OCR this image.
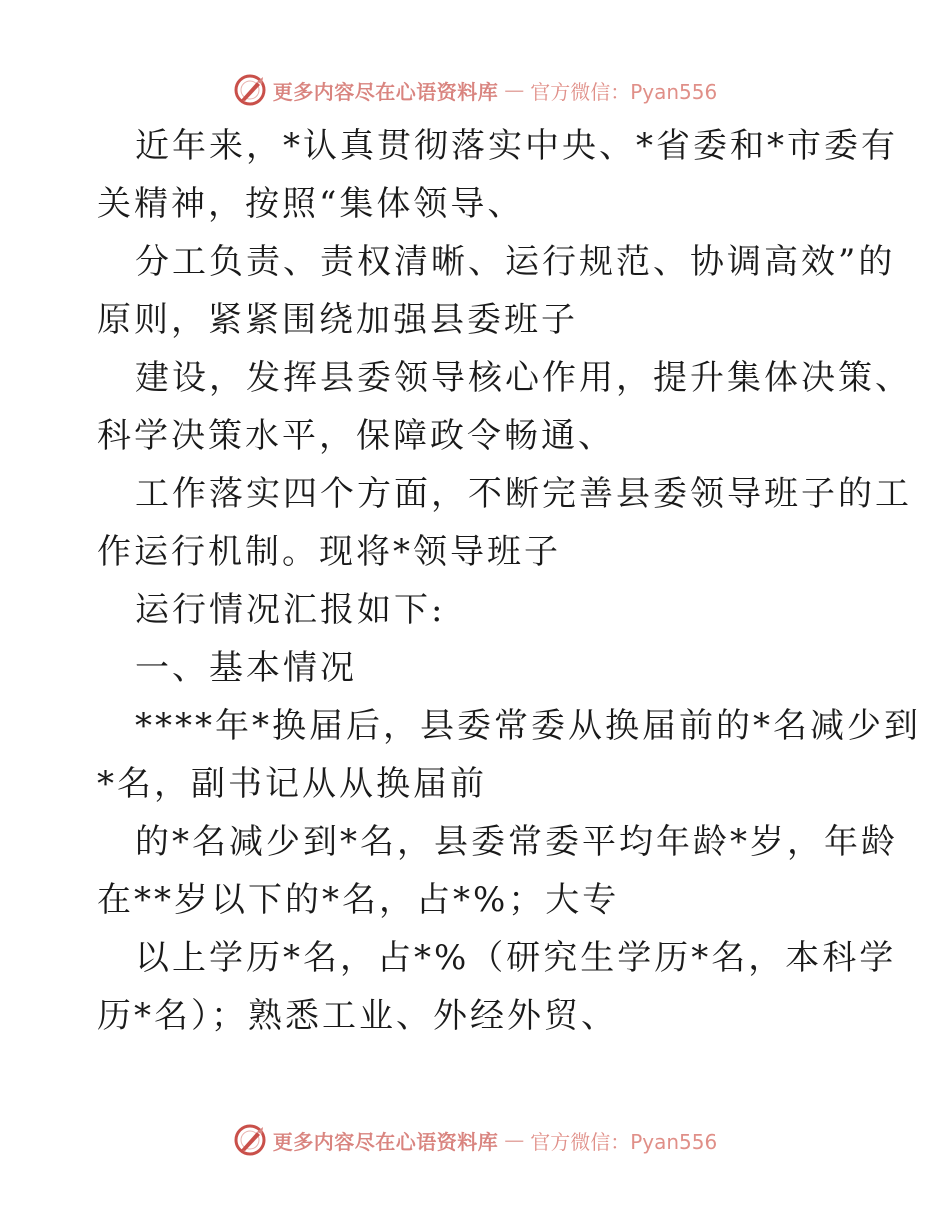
更多内容尽在心语资料库 — 官方微信：Pyan556
近年来，*认真贯彻落实中央、*省委和*市委有
关精神，按照“集体领导、
分工负责、责权清晰、运行规范、协调高效”的
原则，紧紧围绕加强县委班子
建设，发挥县委领导核心作用，提升集体决策、
科学决策水平，保障政令畅通、
工作落实四个方面，不断完善县委领导班子的工
作运行机制。现将*领导班子
运行情况汇报如下:
一、基本情况
****年*换届后，县委常委从换届前的*名减少到
*名，副书记从从换届前
的*名减少到*名，县委常委平均年龄*岁，年龄
在**岁以下的*名，占*%；大专
以上学历*名，占*%（研究生学历*名，本科学
历*名）；熟悉工业、外经外贸、
更多内容尽在心语资料库 — 官方微信：Pyan556
